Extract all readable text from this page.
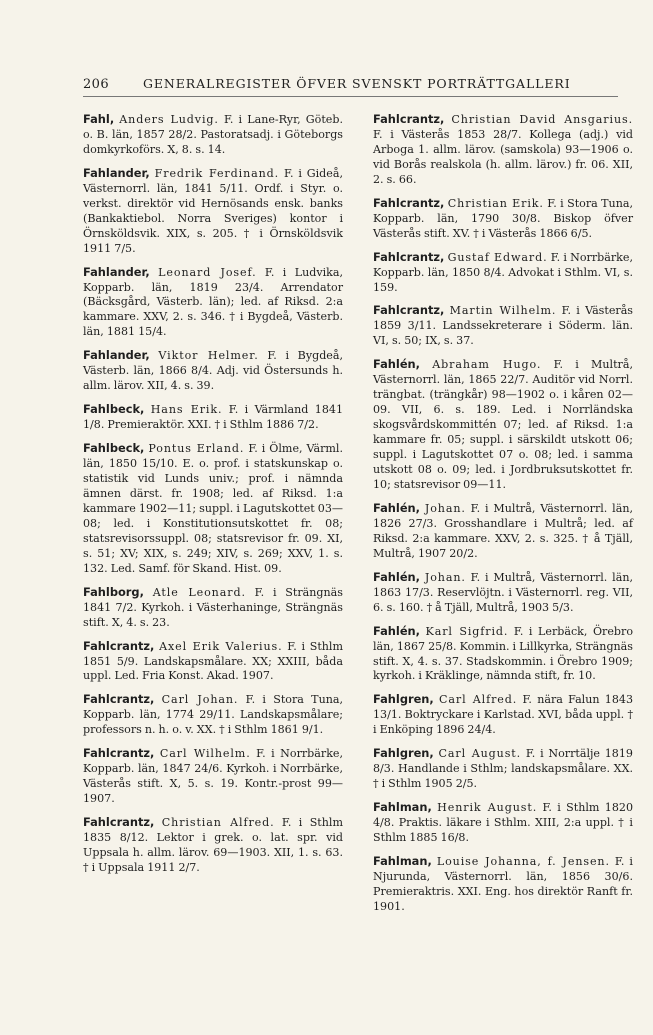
206	GENERALREGISTER ÖFVER SVENSKT PORTRÄTTGALLERI

Fahl, Anders Ludvig. F. i Lane-Ryr, Göteb. o. B. län, 1857 28/2. Pastoratsadj. i Göteborgs domkyrkoförs. X, 8. s. 14.

Fahlander, Fredrik Ferdinand. F. i Gideå, Västernorrl. län, 1841 5/11. Ordf. i Styr. o. verkst. direktör vid Hernösands ensk. banks (Bankaktiebol. Norra Sveriges) kontor i Örnsköldsvik. XIX, s. 205. † i Örnsköldsvik 1911 7/5.

Fahlander, Leonard Josef. F. i Ludvika, Kopparb. län, 1819 23/4. Arrendator (Bäcksgård, Västerb. län); led. af Riksd. 2:a kammare. XXV, 2. s. 346. † i Bygdeå, Västerb. län, 1881 15/4.

Fahlander, Viktor Helmer. F. i Bygdeå, Västerb. län, 1866 8/4. Adj. vid Östersunds h. allm. lärov. XII, 4. s. 39.

Fahlbeck, Hans Erik. F. i Värmland 1841 1/8. Premieraktör. XXI. † i Sthlm 1886 7/2.

Fahlbeck, Pontus Erland. F. i Ölme, Värml. län, 1850 15/10. E. o. prof. i statskunskap o. statistik vid Lunds univ.; prof. i nämnda ämnen därst. fr. 1908; led. af Riksd. 1:a kammare 1902—11; suppl. i Lagutskottet 03—08; led. i Konstitutionsutskottet fr. 08; statsrevisorssuppl. 08; statsrevisor fr. 09. XI, s. 51; XV; XIX, s. 249; XIV, s. 269; XXV, 1. s. 132. Led. Samf. för Skand. Hist. 09.

Fahlborg, Atle Leonard. F. i Strängnäs 1841 7/2. Kyrkoh. i Västerhaninge, Strängnäs stift. X, 4. s. 23.

Fahlcrantz, Axel Erik Valerius. F. i Sthlm 1851 5/9. Landskapsmålare. XX; XXIII, båda uppl. Led. Fria Konst. Akad. 1907.

Fahlcrantz, Carl Johan. F. i Stora Tuna, Kopparb. län, 1774 29/11. Landskapsmålare; professors n. h. o. v. XX. † i Sthlm 1861 9/1.

Fahlcrantz, Carl Wilhelm. F. i Norrbärke, Kopparb. län, 1847 24/6. Kyrkoh. i Norrbärke, Västerås stift. X, 5. s. 19. Kontr.-prost 99—1907.

Fahlcrantz, Christian Alfred. F. i Sthlm 1835 8/12. Lektor i grek. o. lat. spr. vid Uppsala h. allm. lärov. 69—1903. XII, 1. s. 63. † i Uppsala 1911 2/7.

Fahlcrantz, Christian David Ansgarius. F. i Västerås 1853 28/7. Kollega (adj.) vid Arboga 1. allm. lärov. (samskola) 93—1906 o. vid Borås realskola (h. allm. lärov.) fr. 06. XII, 2. s. 66.

Fahlcrantz, Christian Erik. F. i Stora Tuna, Kopparb. län, 1790 30/8. Biskop öfver Västerås stift. XV. † i Västerås 1866 6/5.

Fahlcrantz, Gustaf Edward. F. i Norrbärke, Kopparb. län, 1850 8/4. Advokat i Sthlm. VI, s. 159.

Fahlcrantz, Martin Wilhelm. F. i Västerås 1859 3/11. Landssekreterare i Söderm. län. VI, s. 50; IX, s. 37.

Fahlén, Abraham Hugo. F. i Multrå, Västernorrl. län, 1865 22/7. Auditör vid Norrl. trängbat. (trängkår) 98—1902 o. i kåren 02—09. VII, 6. s. 189. Led. i Norrländska skogsvårdskommittén 07; led. af Riksd. 1:a kammare fr. 05; suppl. i särskildt utskott 06; suppl. i Lagutskottet 07 o. 08; led. i samma utskott 08 o. 09; led. i Jordbruksutskottet fr. 10; statsrevisor 09—11.

Fahlén, Johan. F. i Multrå, Västernorrl. län, 1826 27/3. Grosshandlare i Multrå; led. af Riksd. 2:a kammare. XXV, 2. s. 325. † å Tjäll, Multrå, 1907 20/2.

Fahlén, Johan. F. i Multrå, Västernorrl. län, 1863 17/3. Reservlöjtn. i Västernorrl. reg. VII, 6. s. 160. † å Tjäll, Multrå, 1903 5/3.

Fahlén, Karl Sigfrid. F. i Lerbäck, Örebro län, 1867 25/8. Kommin. i Lillkyrka, Strängnäs stift. X, 4. s. 37. Stadskommin. i Örebro 1909; kyrkoh. i Kräklinge, nämnda stift, fr. 10.

Fahlgren, Carl Alfred. F. nära Falun 1843 13/1. Boktryckare i Karlstad. XVI, båda uppl. † i Enköping 1896 24/4.

Fahlgren, Carl August. F. i Norrtälje 1819 8/3. Handlande i Sthlm; landskapsmålare. XX. † i Sthlm 1905 2/5.

Fahlman, Henrik August. F. i Sthlm 1820 4/8. Praktis. läkare i Sthlm. XIII, 2:a uppl. † i Sthlm 1885 16/8.

Fahlman, Louise Johanna, f. Jensen. F. i Njurunda, Västernorrl. län, 1856 30/6. Premieraktris. XXI. Eng. hos direktör Ranft fr. 1901.
